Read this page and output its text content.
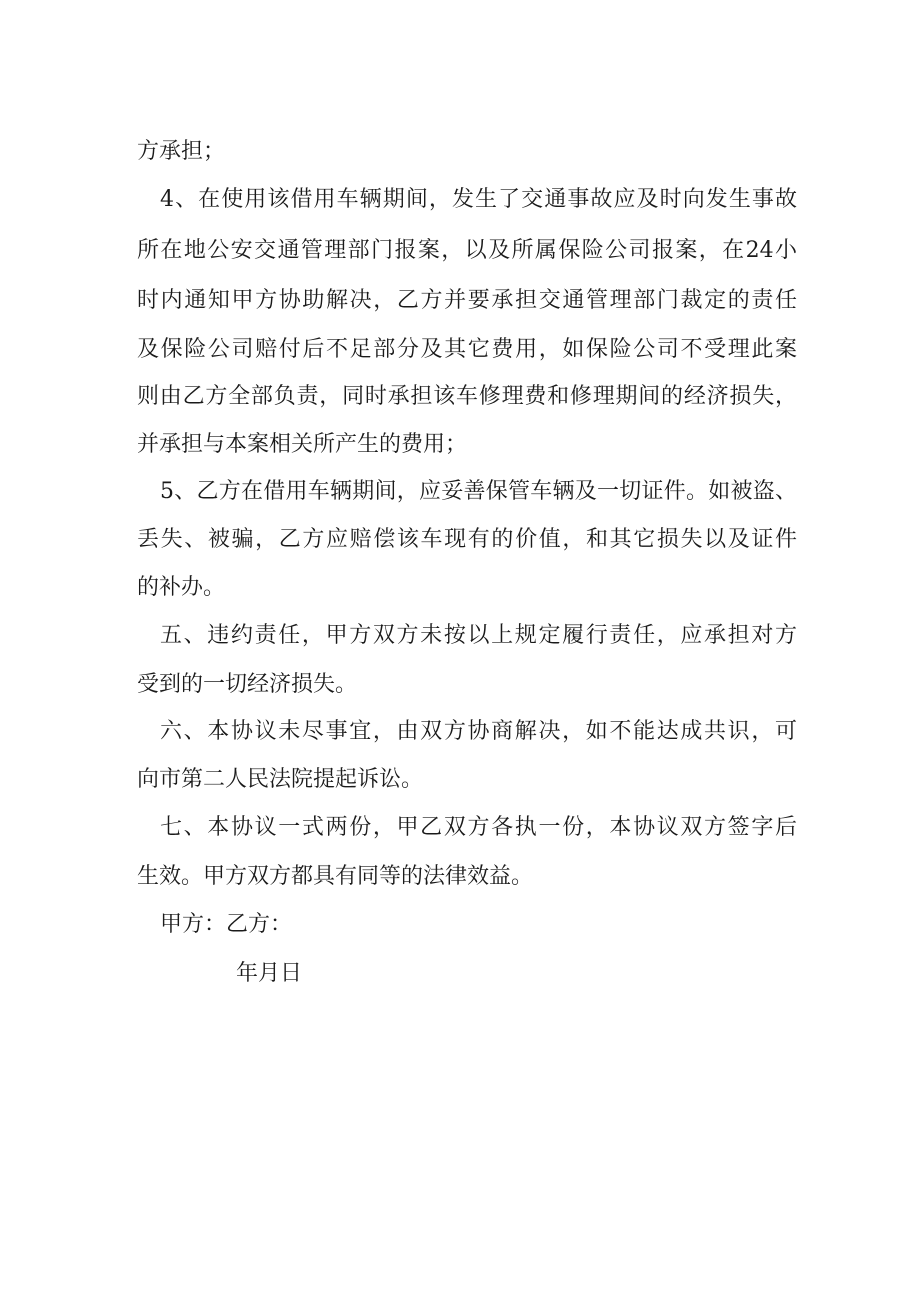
方承担；
4、在使用该借用车辆期间，发生了交通事故应及时向发生事故
所在地公安交通管理部门报案，以及所属保险公司报案，在24小
时内通知甲方协助解决，乙方并要承担交通管理部门裁定的责任
及保险公司赔付后不足部分及其它费用，如保险公司不受理此案
则由乙方全部负责，同时承担该车修理费和修理期间的经济损失，
并承担与本案相关所产生的费用；
5、乙方在借用车辆期间，应妥善保管车辆及一切证件。如被盗、
丢失、被骗，乙方应赔偿该车现有的价值，和其它损失以及证件
的补办。
五、违约责任，甲方双方未按以上规定履行责任，应承担对方
受到的一切经济损失。
六、本协议未尽事宜，由双方协商解决，如不能达成共识，可
向市第二人民法院提起诉讼。
七、本协议一式两份，甲乙双方各执一份，本协议双方签字后
生效。甲方双方都具有同等的法律效益。
甲方：乙方：
年月日
